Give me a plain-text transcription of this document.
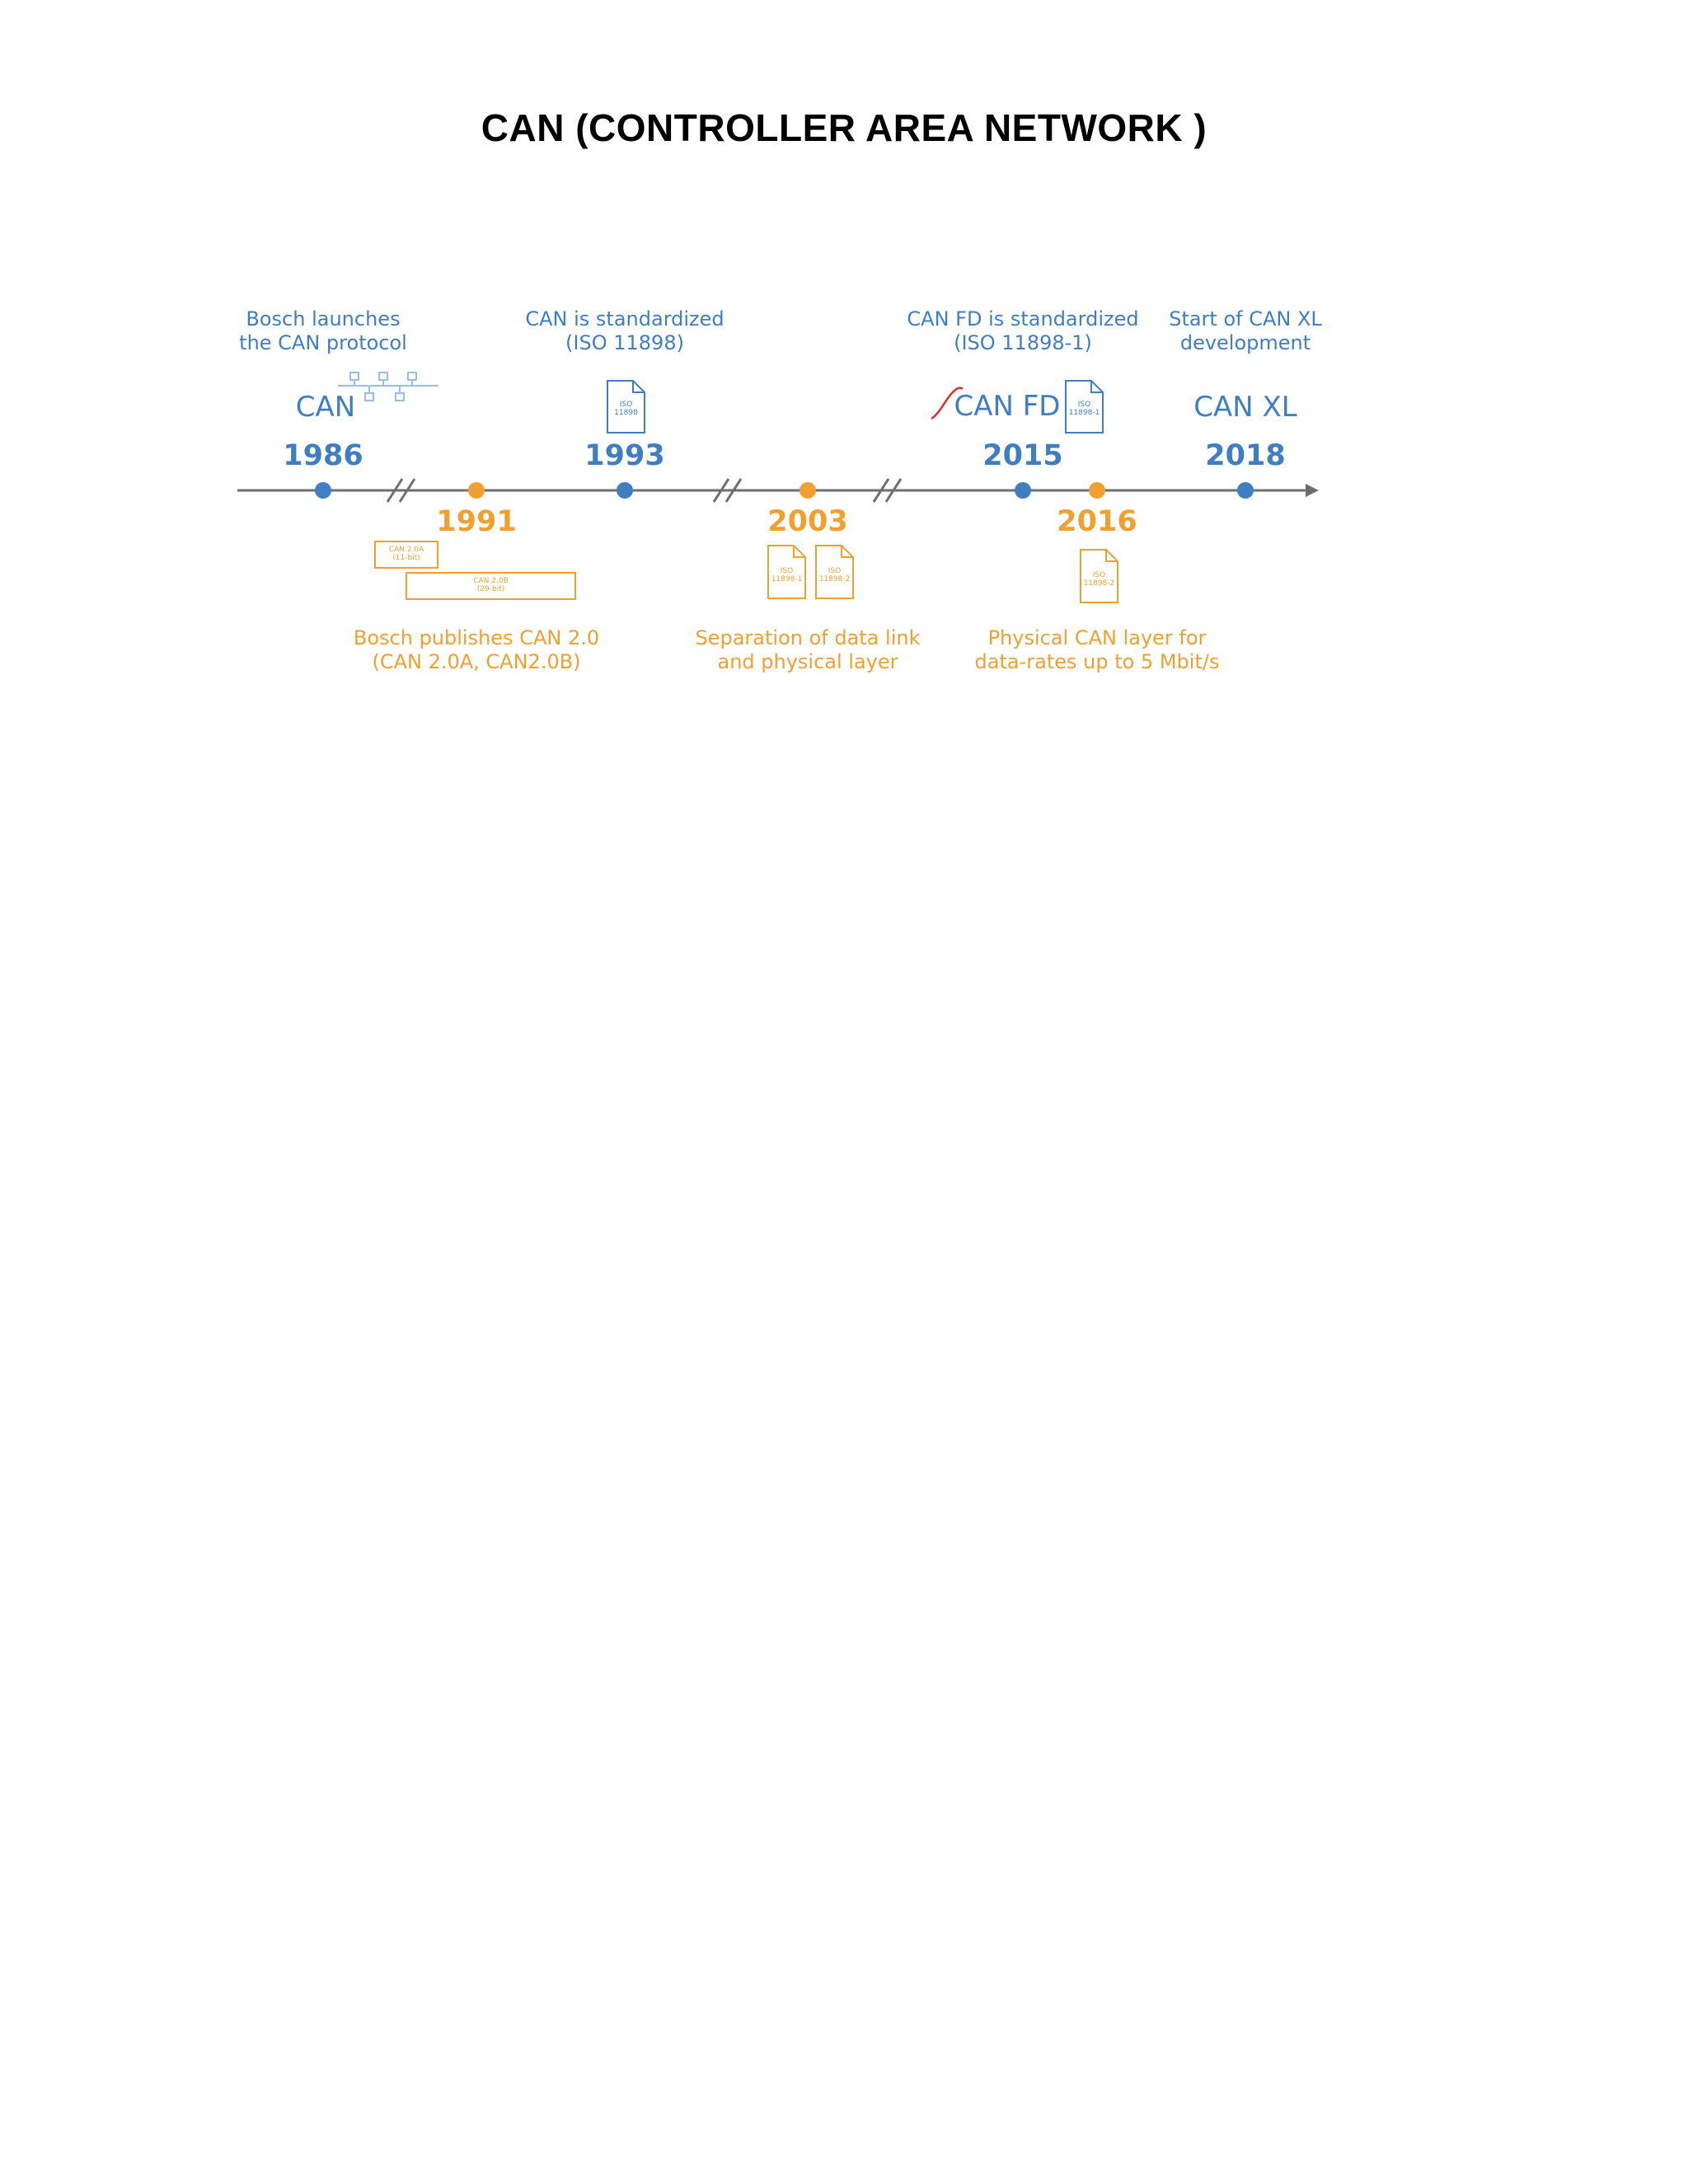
CAN (CONTROLLER AREA NETWORK )
Bosch launches
the CAN protocol
CAN
1986
1991
CAN 2.0A
(11-bit)
CAN 2.0B
(29-bit)
Bosch publishes CAN 2.0
(CAN 2.0A, CAN2.0B)
CAN is standardized
(ISO 11898)
ISO
11898
1993
2003
ISO
11898-1
ISO
11898-2
Separation of data link
and physical layer
CAN FD is standardized
(ISO 11898-1)
CAN FD	ISO
11898-1
2015
2016
ISO
11898-2
Physical CAN layer for
data-rates up to 5 Mbit/s
Start of CAN XL
development
CAN XL
2018
